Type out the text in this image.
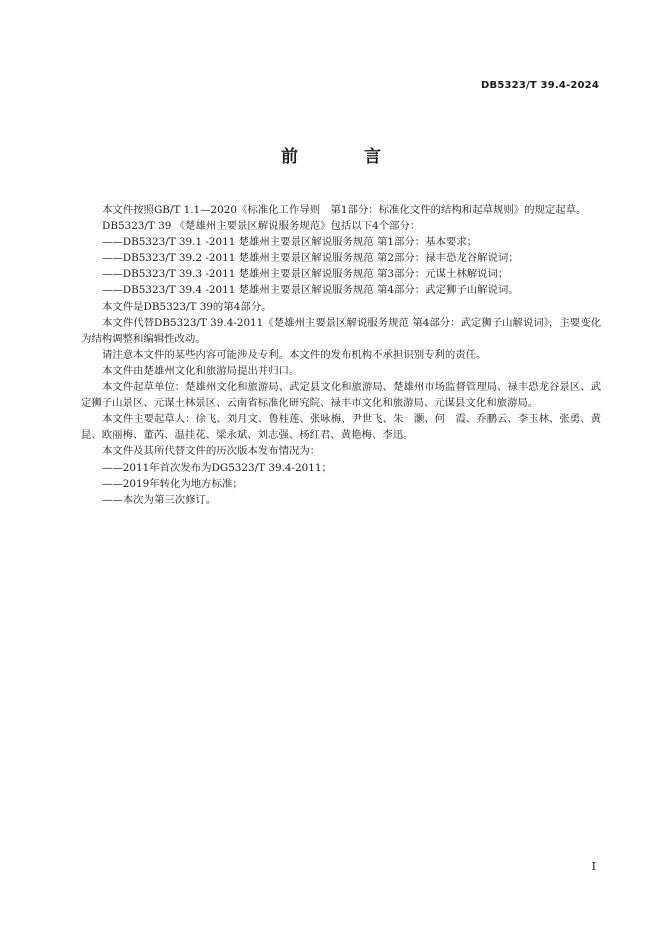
DB5323/T 39.4-2024
前 言

本文件按照GB/T 1.1—2020《标准化工作导则　第1部分：标准化文件的结构和起草规则》的规定起草。

DB5323/T 39 《楚雄州主要景区解说服务规范》包括以下4个部分：

——DB5323/T 39.1 -2011 楚雄州主要景区解说服务规范 第1部分：基本要求；

——DB5323/T 39.2 -2011 楚雄州主要景区解说服务规范 第2部分：禄丰恐龙谷解说词；

——DB5323/T 39.3 -2011 楚雄州主要景区解说服务规范 第3部分：元谋土林解说词；

——DB5323/T 39.4 -2011 楚雄州主要景区解说服务规范 第4部分：武定狮子山解说词。

本文件是DB5323/T 39的第4部分。

本文件代替DB5323/T 39.4-2011《楚雄州主要景区解说服务规范 第4部分：武定狮子山解说词》，主要变化为结构调整和编辑性改动。

请注意本文件的某些内容可能涉及专利。本文件的发布机构不承担识别专利的责任。

本文件由楚雄州文化和旅游局提出并归口。

本文件起草单位：楚雄州文化和旅游局、武定县文化和旅游局、楚雄州市场监督管理局、禄丰恐龙谷景区、武定狮子山景区、元谋土林景区、云南省标准化研究院、禄丰市文化和旅游局、元谋县文化和旅游局。

本文件主要起草人：徐飞、刘月文、鲁桂莲、张咏梅、尹世飞、朱　灏、何　霞、乔鹏云、李玉林、张勇、黄昆、欧丽梅、董芮、温挂花、梁永斌、刘志强、杨红君、黄艳梅、李迅。

本文件及其所代替文件的历次版本发布情况为：

——2011年首次发布为DG5323/T 39.4-2011；

——2019年转化为地方标准；

——本次为第三次修订。

I
